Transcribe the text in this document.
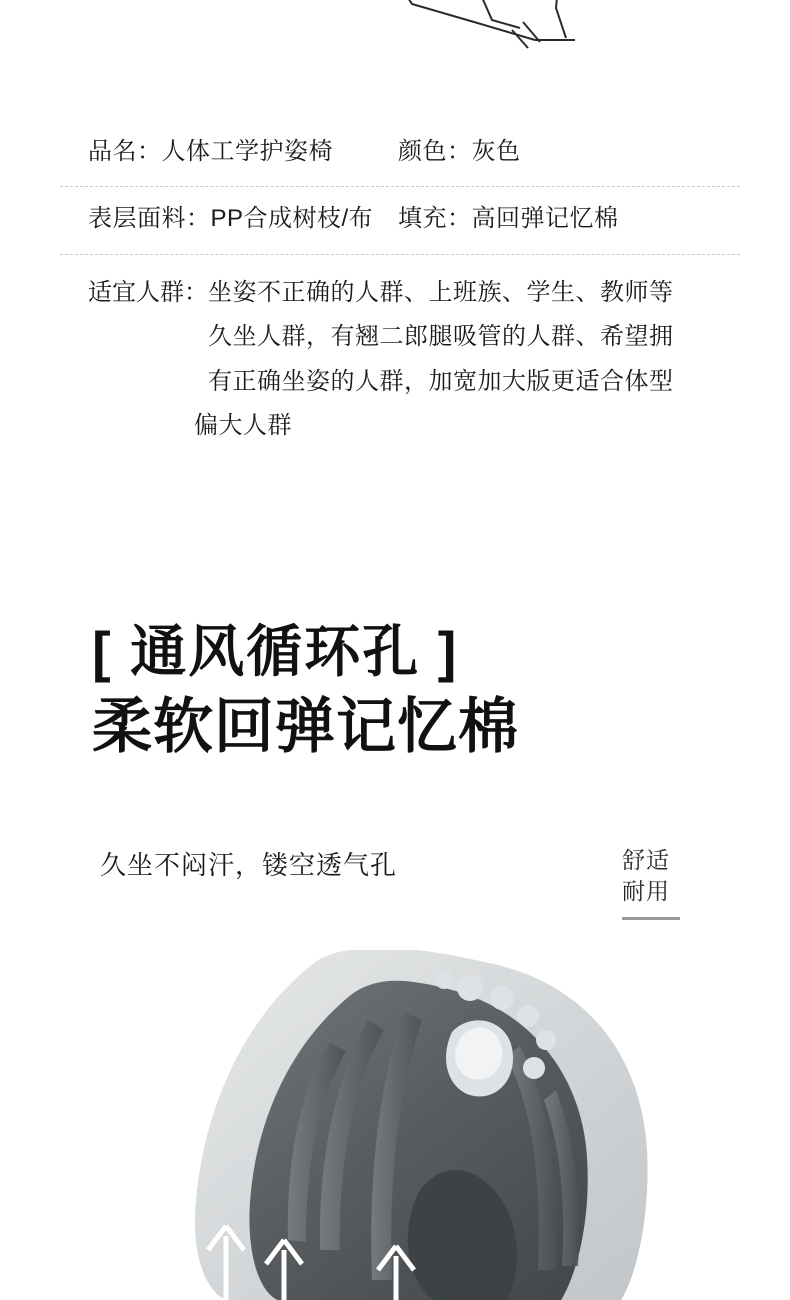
品名：人体工学护姿椅	颜色：灰色
表层面料：PP合成树枝/布	填充：高回弹记忆棉
适宜人群： 坐姿不正确的人群、上班族、学生、教师等
久坐人群，有翘二郎腿吸管的人群、希望拥
有正确坐姿的人群，加宽加大版更适合体型
偏大人群
[ 通风循环孔 ]
柔软回弹记忆棉
久坐不闷汗，镂空透气孔	舒适
耐用
